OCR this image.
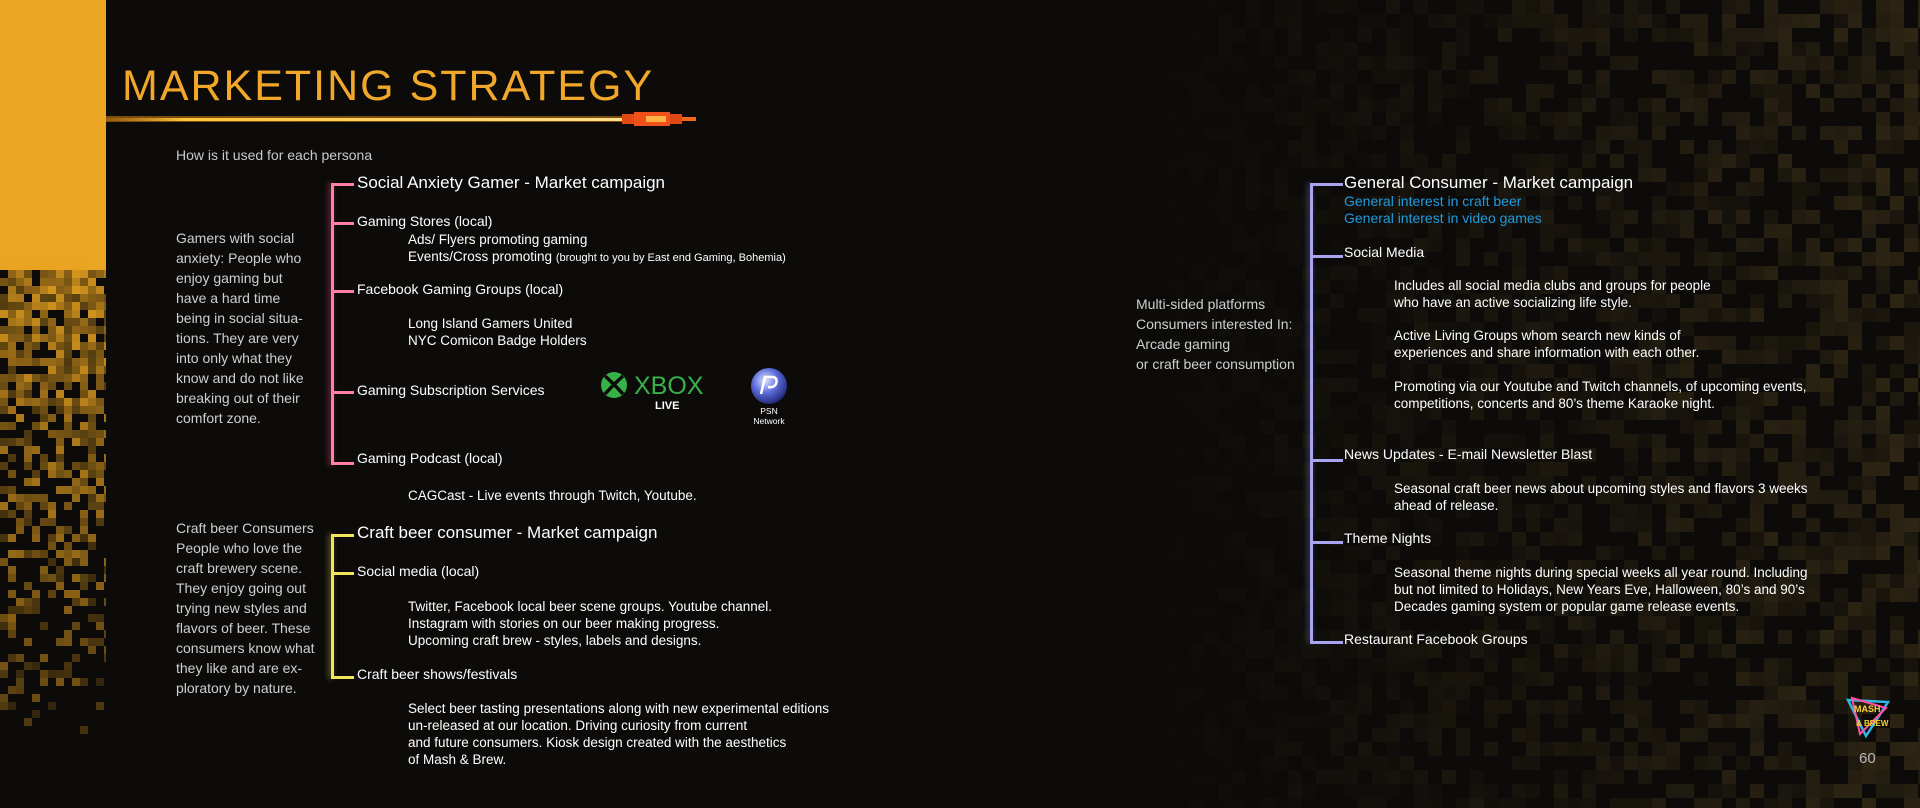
MARKETING STRATEGY
How is it used for each persona
Gamers with social
anxiety: People who
enjoy gaming but
have a hard time
being in social situa-
tions. They are very
into only what they
know and do not like
breaking out of their
comfort zone.
Craft beer Consumers
People who love the
craft brewery scene.
They enjoy going out
trying new styles and
flavors of beer. These
consumers know what
they like and are ex-
ploratory by nature.
Social Anxiety Gamer - Market campaign
Gaming Stores (local)
Ads/ Flyers promoting gaming
Events/Cross promoting (brought to you by East end Gaming, Bohemia)
Facebook Gaming Groups (local)
Long Island Gamers United
NYC Comicon Badge Holders
Gaming Subscription Services	XBOX
LIVE	PSN
Network
Gaming Podcast (local)
CAGCast - Live events through Twitch, Youtube.
Craft beer consumer - Market campaign
Social media (local)
Twitter, Facebook local beer scene groups. Youtube channel.
Instagram with stories on our beer making progress.
Upcoming craft brew - styles, labels and designs.
Craft beer shows/festivals
Select beer tasting presentations along with new experimental editions
un-released at our location. Driving curiosity from current
and future consumers. Kiosk design created with the aesthetics
of Mash & Brew.
Multi-sided platforms
Consumers interested In:
Arcade gaming
or craft beer consumption
General Consumer - Market campaign
General interest in craft beer
General interest in video games
Social Media
Includes all social media clubs and groups for people
who have an active socializing life style.
Active Living Groups whom search new kinds of
experiences and share information with each other.
Promoting via our Youtube and Twitch channels, of upcoming events,
competitions, concerts and 80’s theme Karaoke night.
News Updates - E-mail Newsletter Blast
Seasonal craft beer news about upcoming styles and flavors 3 weeks
ahead of release.
Theme Nights
Seasonal theme nights during special weeks all year round. Including
but not limited to Holidays, New Years Eve, Halloween, 80’s and 90’s
Decades gaming system or popular game release events.
Restaurant Facebook Groups
MASH
& BREW
60
